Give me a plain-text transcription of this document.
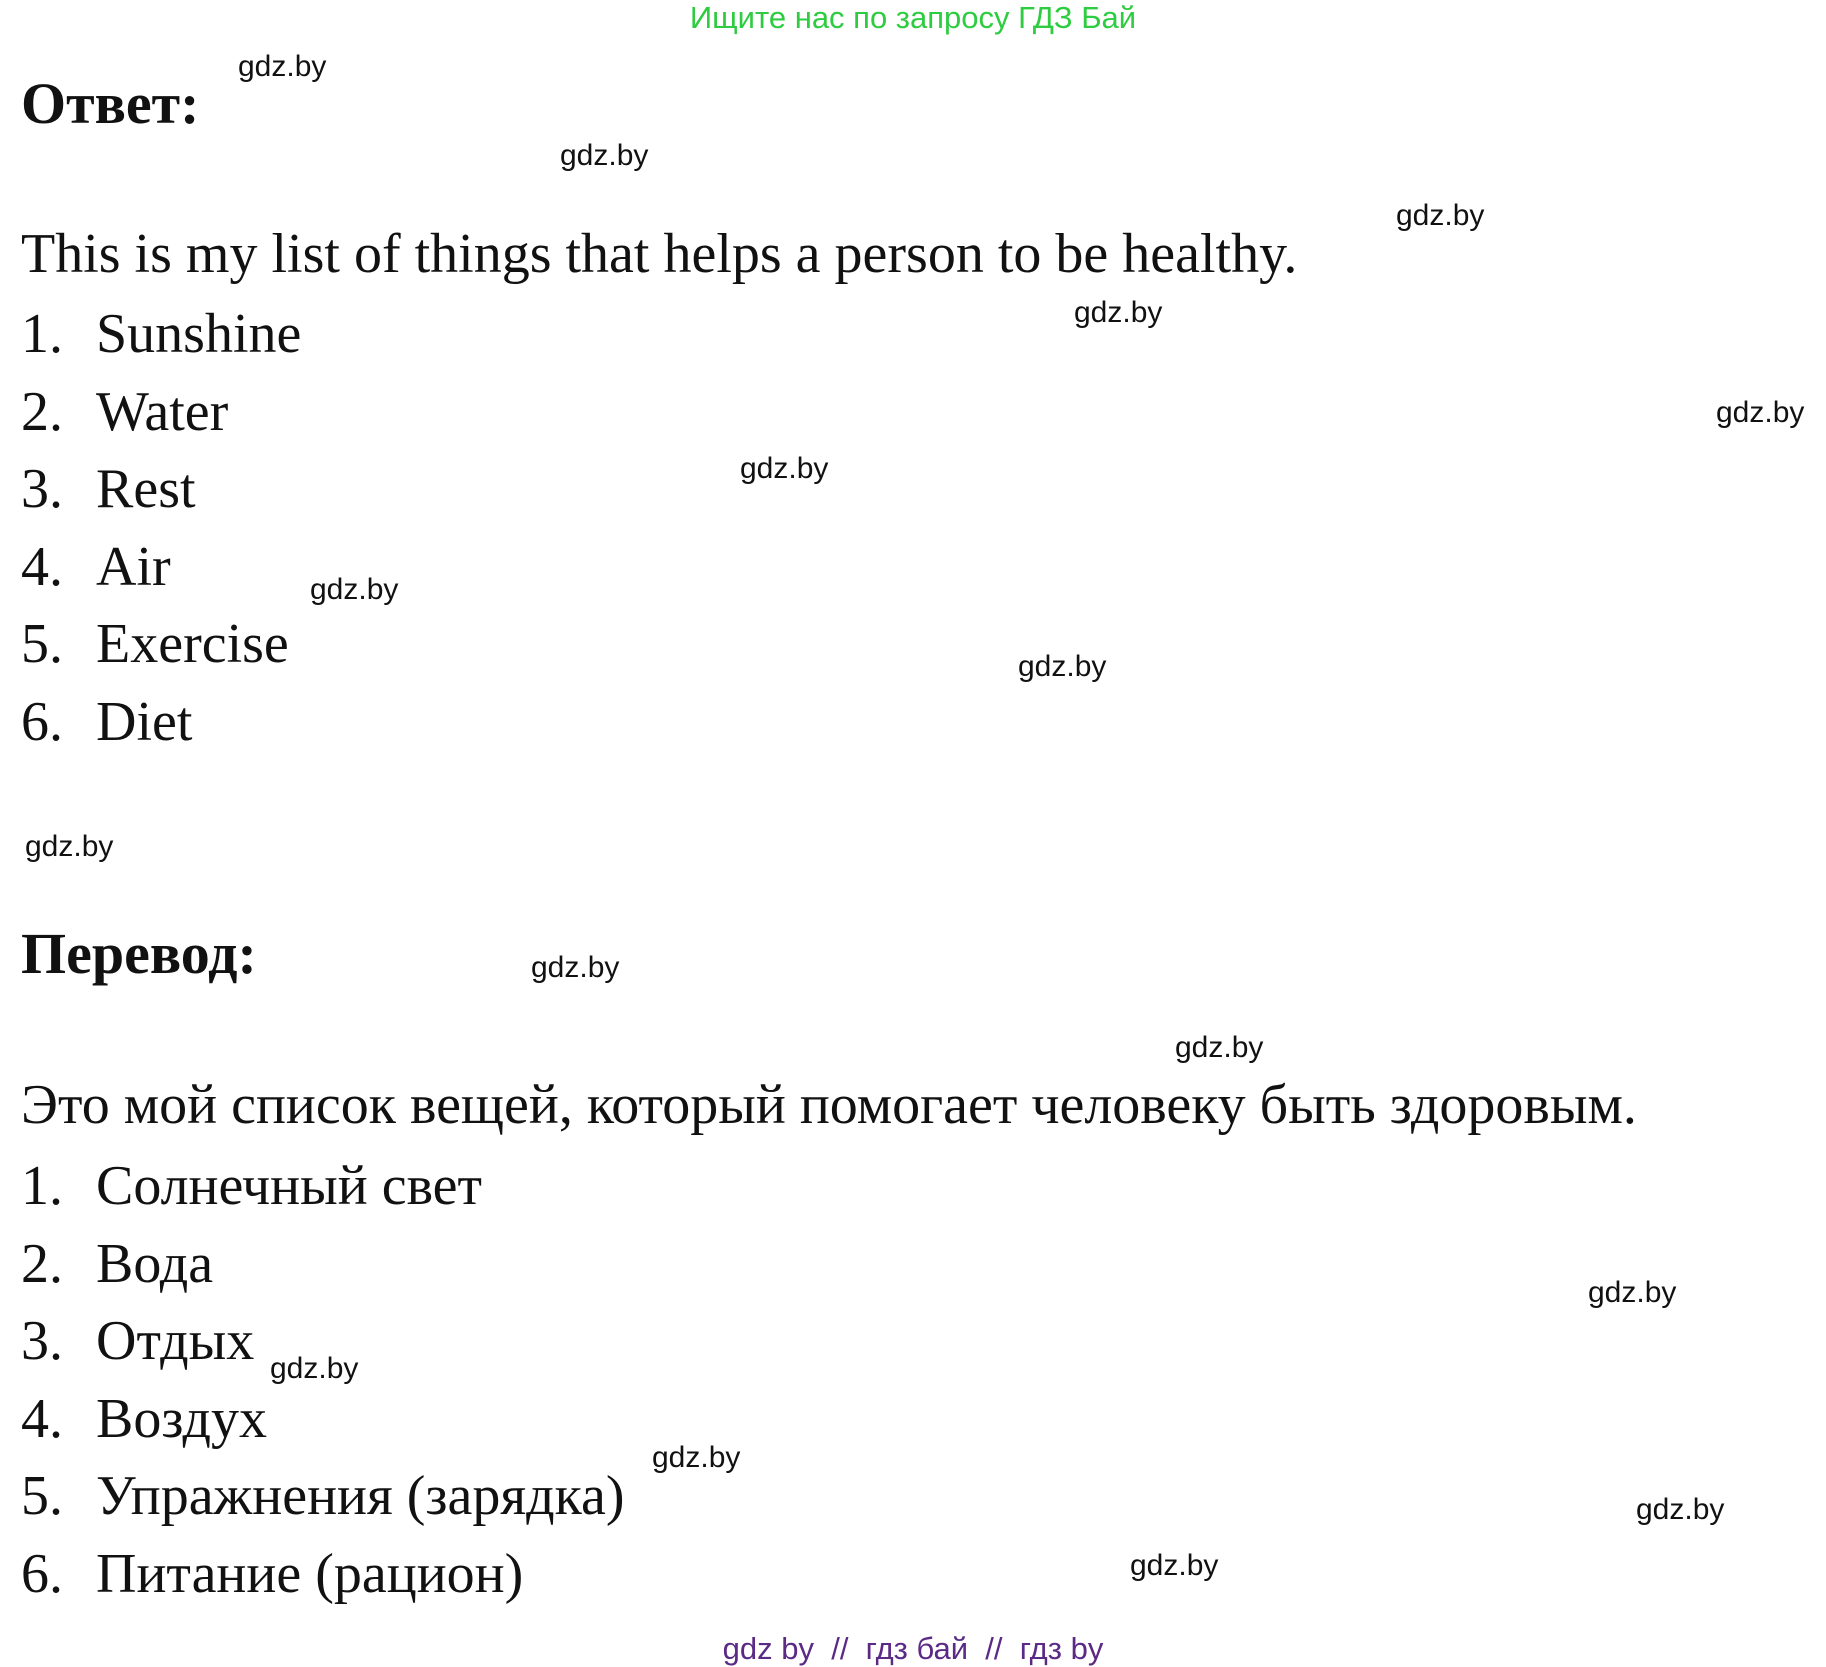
Ищите нас по запросу ГДЗ Бай
Ответ:
This is my list of things that helps a person to be healthy.
1. Sunshine
2. Water
3. Rest
4. Air
5. Exercise
6. Diet
Перевод:
Это мой список вещей, который помогает человеку быть здоровым.
1. Солнечный свет
2. Вода
3. Отдых
4. Воздух
5. Упражнения (зарядка)
6. Питание (рацион)
gdz.by
gdz.by
gdz.by
gdz.by
gdz.by
gdz.by
gdz.by
gdz.by
gdz.by
gdz.by
gdz.by
gdz.by
gdz.by
gdz.by
gdz.by
gdz.by
gdz by  //  гдз бай  //  гдз by
